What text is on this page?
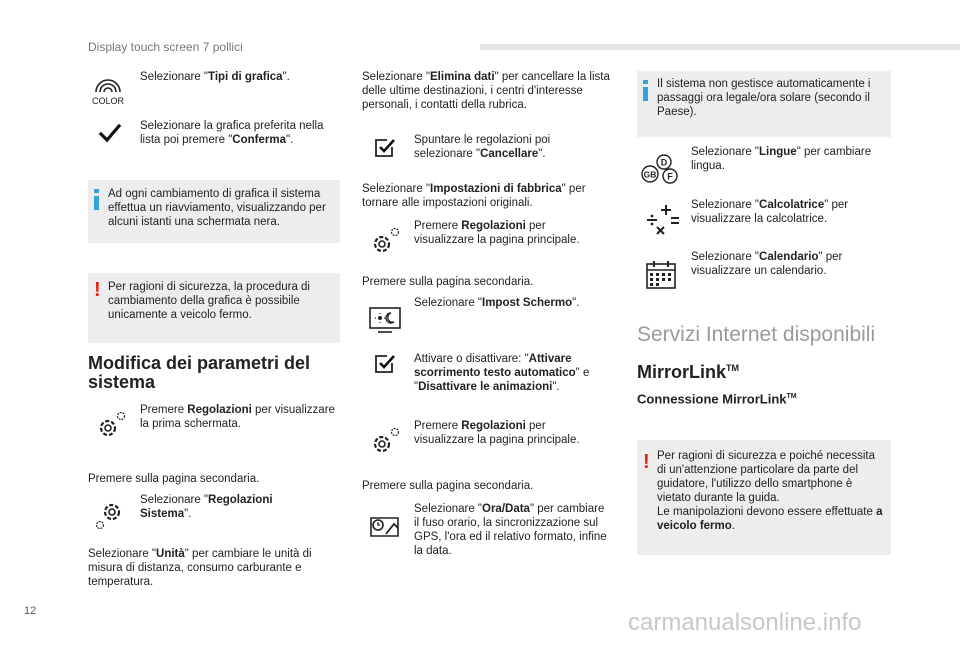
Display touch screen 7 pollici
COLOR
Selezionare "Tipi di grafica".
Selezionare la grafica preferita nella lista poi premere "Conferma".
Ad ogni cambiamento di grafica il sistema effettua un riavviamento, visualizzando per alcuni istanti una schermata nera.
! Per ragioni di sicurezza, la procedura di cambiamento della grafica è possibile unicamente a veicolo fermo.
Modifica dei parametri del sistema
Premere Regolazioni per visualizzare la prima schermata.
Premere sulla pagina secondaria.
Selezionare "Regolazioni Sistema".
Selezionare "Unità" per cambiare le unità di misura di distanza, consumo carburante e temperatura.
Selezionare "Elimina dati" per cancellare la lista delle ultime destinazioni, i centri d'interesse personali, i contatti della rubrica.
Spuntare le regolazioni poi selezionare "Cancellare".
Selezionare "Impostazioni di fabbrica" per tornare alle impostazioni originali.
Premere Regolazioni per visualizzare la pagina principale.
Premere sulla pagina secondaria.
Selezionare "Impost Schermo".
Attivare o disattivare: "Attivare scorrimento testo automatico" e "Disattivare le animazioni".
Premere Regolazioni per visualizzare la pagina principale.
Premere sulla pagina secondaria.
Selezionare "Ora/Data" per cambiare il fuso orario, la sincronizzazione sul GPS, l'ora ed il relativo formato, infine la data.
Il sistema non gestisce automaticamente i passaggi ora legale/ora solare (secondo il Paese).
D
GB F
Selezionare "Lingue" per cambiare lingua.
Selezionare "Calcolatrice" per visualizzare la calcolatrice.
Selezionare "Calendario" per visualizzare un calendario.
Servizi Internet disponibili
MirrorLink™
Connessione MirrorLink™
! Per ragioni di sicurezza e poiché necessita di un'attenzione particolare da parte del guidatore, l'utilizzo dello smartphone è vietato durante la guida.
Le manipolazioni devono essere effettuate a veicolo fermo.
12	carmanualsonline.info
